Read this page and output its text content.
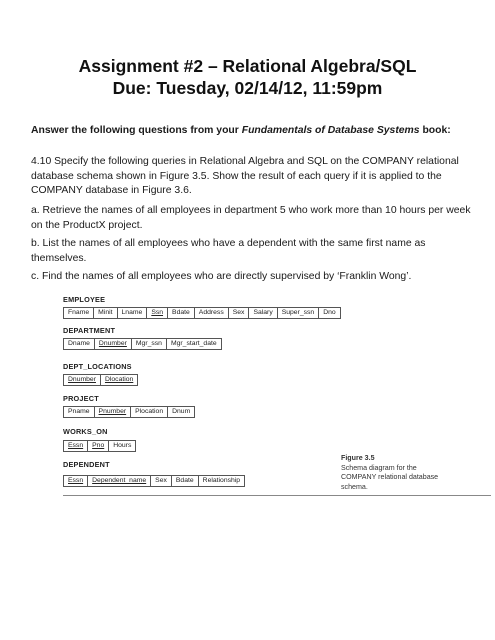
Assignment #2 – Relational Algebra/SQL
Due: Tuesday, 02/14/12, 11:59pm
Answer the following questions from your Fundamentals of Database Systems book:
4.10 Specify the following queries in Relational Algebra and SQL on the COMPANY relational database schema shown in Figure 3.5. Show the result of each query if it is applied to the COMPANY database in Figure 3.6.
a. Retrieve the names of all employees in department 5 who work more than 10 hours per week on the ProductX project.
b. List the names of all employees who have a dependent with the same first name as themselves.
c. Find the names of all employees who are directly supervised by ‘Franklin Wong’.
EMPLOYEE
Fname	Minit	Lname	Ssn	Bdate	Address	Sex	Salary	Super_ssn	Dno
DEPARTMENT
Dname	Dnumber	Mgr_ssn	Mgr_start_date
DEPT_LOCATIONS
Dnumber	Dlocation
PROJECT
Pname	Pnumber	Plocation	Dnum
WORKS_ON
Essn	Pno	Hours
DEPENDENT
Essn	Dependent_name	Sex	Bdate	Relationship
Figure 3.5
Schema diagram for the COMPANY relational database schema.
